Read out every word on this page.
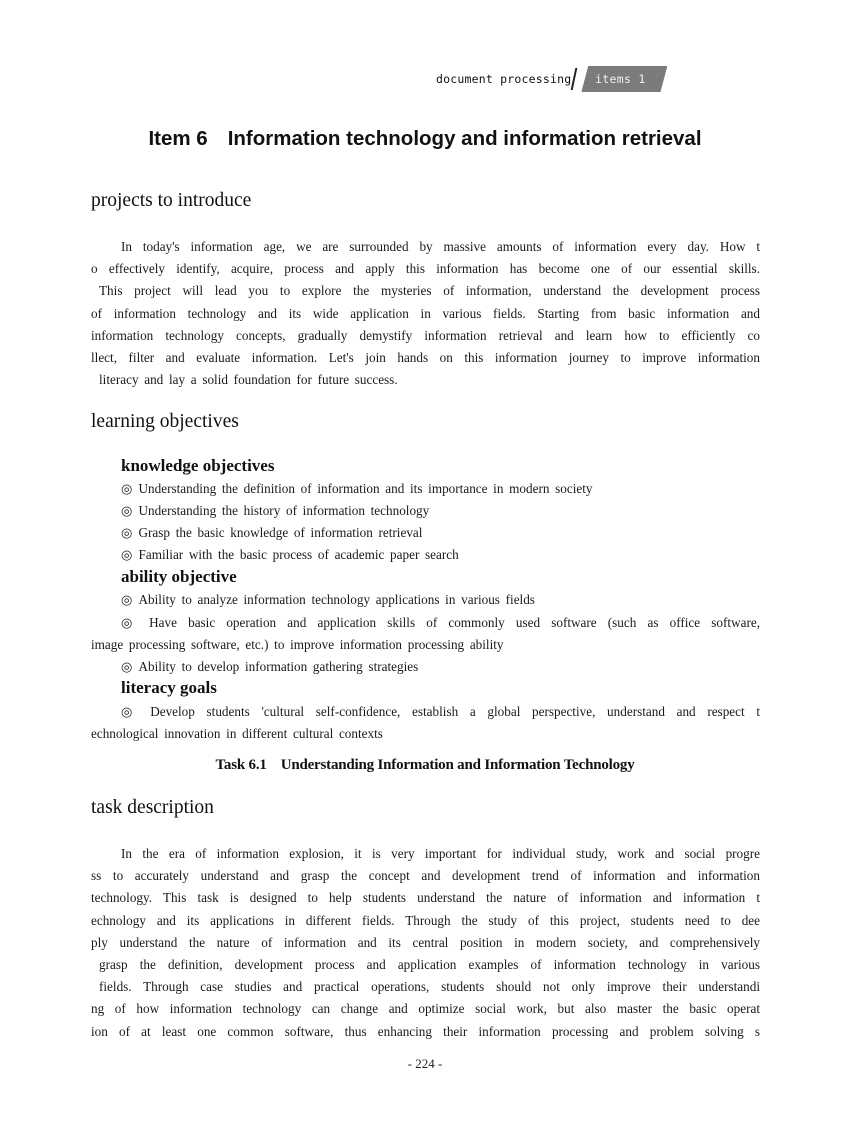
document processing	items 1
Item 6 Information technology and information retrieval
projects to introduce
In today's information age, we are surrounded by massive amounts of information every day. How t
o effectively identify, acquire, process and apply this information has become one of our essential skills.
This project will lead you to explore the mysteries of information, understand the development process
of information technology and its wide application in various fields. Starting from basic information and
information technology concepts, gradually demystify information retrieval and learn how to efficiently co
llect, filter and evaluate information. Let's join hands on this information journey to improve information
literacy and lay a solid foundation for future success.
learning objectives
knowledge objectives
◎ Understanding the definition of information and its importance in modern society
◎ Understanding the history of information technology
◎ Grasp the basic knowledge of information retrieval
◎ Familiar with the basic process of academic paper search
ability objective
◎ Ability to analyze information technology applications in various fields
◎ Have basic operation and application skills of commonly used software (such as office software,
image processing software, etc.) to improve information processing ability
◎ Ability to develop information gathering strategies
literacy goals
◎ Develop students 'cultural self-confidence, establish a global perspective, understand and respect t
echnological innovation in different cultural contexts
Task 6.1 Understanding Information and Information Technology
task description
In the era of information explosion, it is very important for individual study, work and social progre
ss to accurately understand and grasp the concept and development trend of information and information
technology. This task is designed to help students understand the nature of information and information t
echnology and its applications in different fields. Through the study of this project, students need to dee
ply understand the nature of information and its central position in modern society, and comprehensively
grasp the definition, development process and application examples of information technology in various
fields. Through case studies and practical operations, students should not only improve their understandi
ng of how information technology can change and optimize social work, but also master the basic operat
ion of at least one common software, thus enhancing their information processing and problem solving s
- 224 -
